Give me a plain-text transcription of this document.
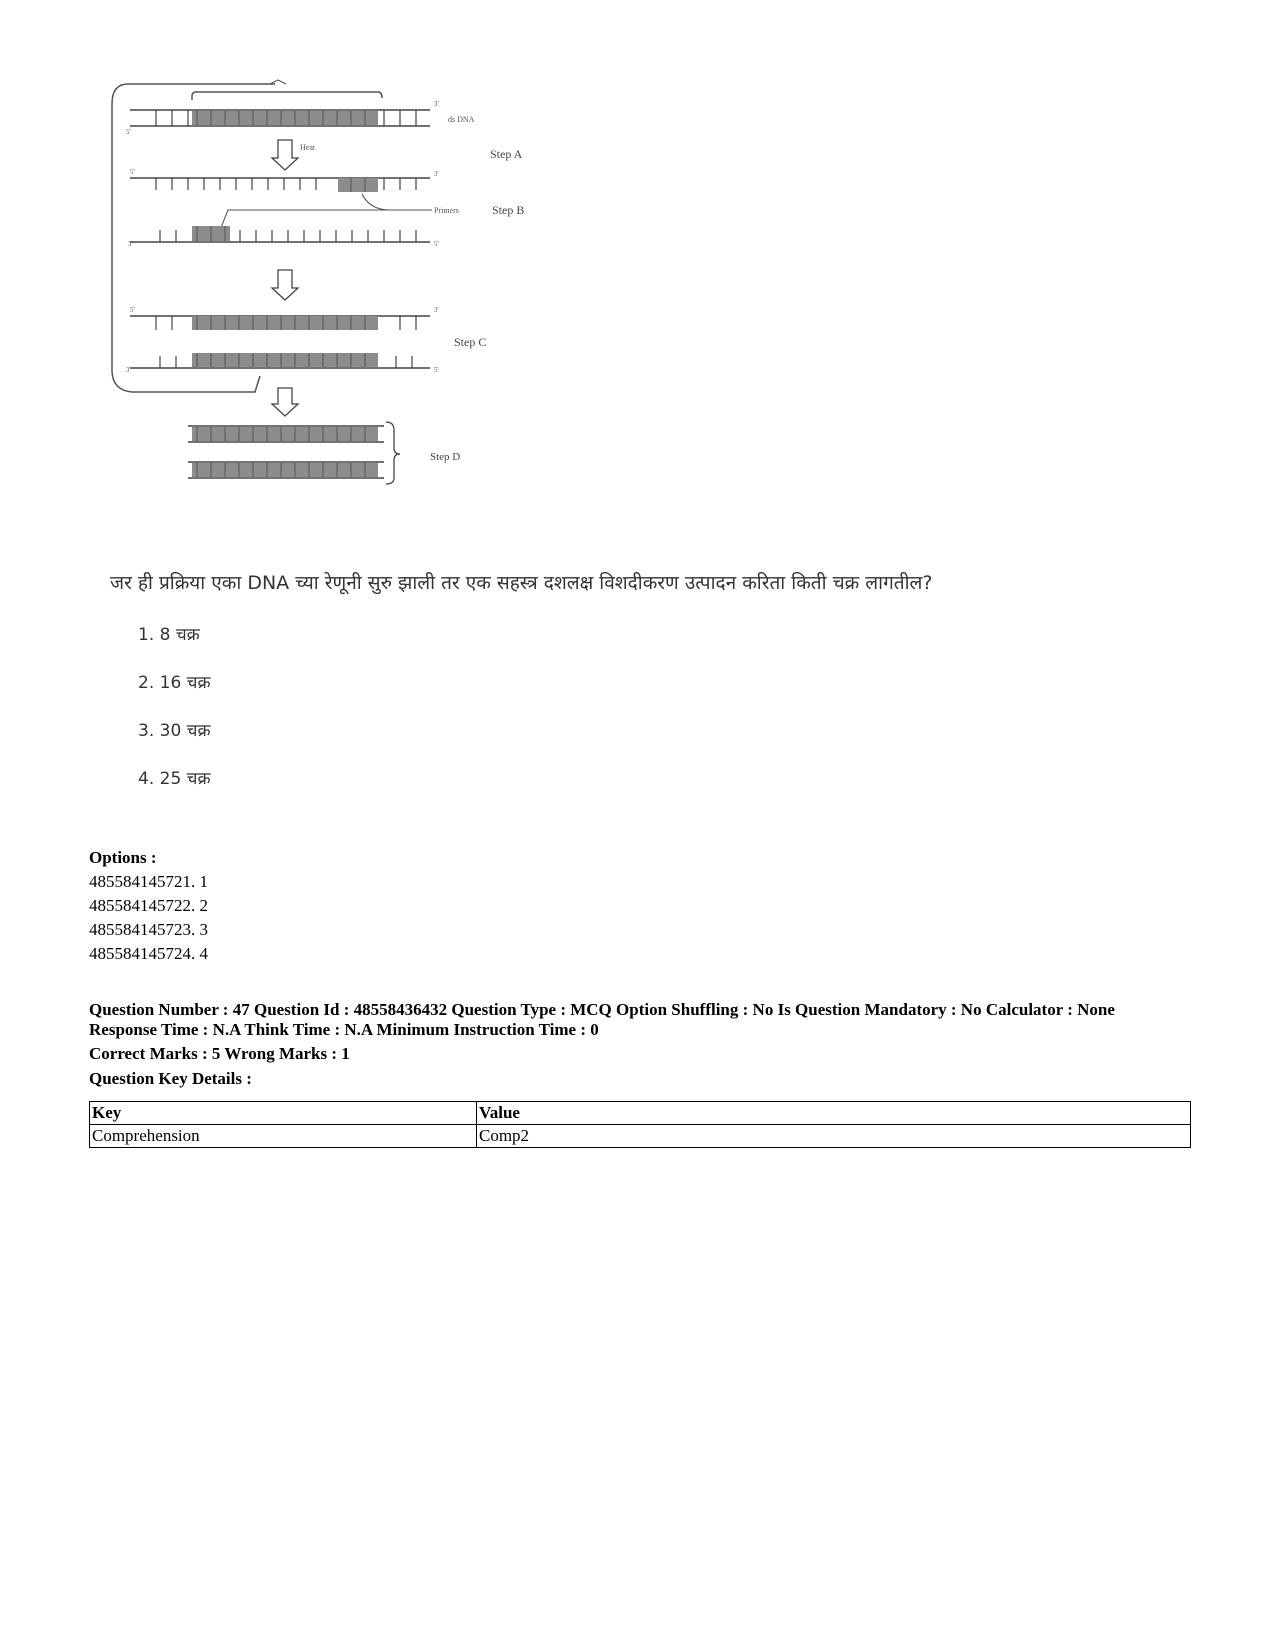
ds DNA
3'
5'
Heat	Step A
3'
5'
Primers	Step B
3'	5'
5'	3'
Step C
3'	5'
Step D
जर ही प्रक्रिया एका DNA च्या रेणूनी सुरु झाली तर एक सहस्त्र दशलक्ष विशदीकरण उत्पादन करिता किती चक्र लागतील?
1. 8 चक्र
2. 16 चक्र
3. 30 चक्र
4. 25 चक्र
Options :
485584145721. 1
485584145722. 2
485584145723. 3
485584145724. 4
Question Number : 47 Question Id : 48558436432 Question Type : MCQ Option Shuffling : No Is Question Mandatory : No Calculator : None
Response Time : N.A Think Time : N.A Minimum Instruction Time : 0
Correct Marks : 5 Wrong Marks : 1
Question Key Details :
Key	Value
Comprehension	Comp2
